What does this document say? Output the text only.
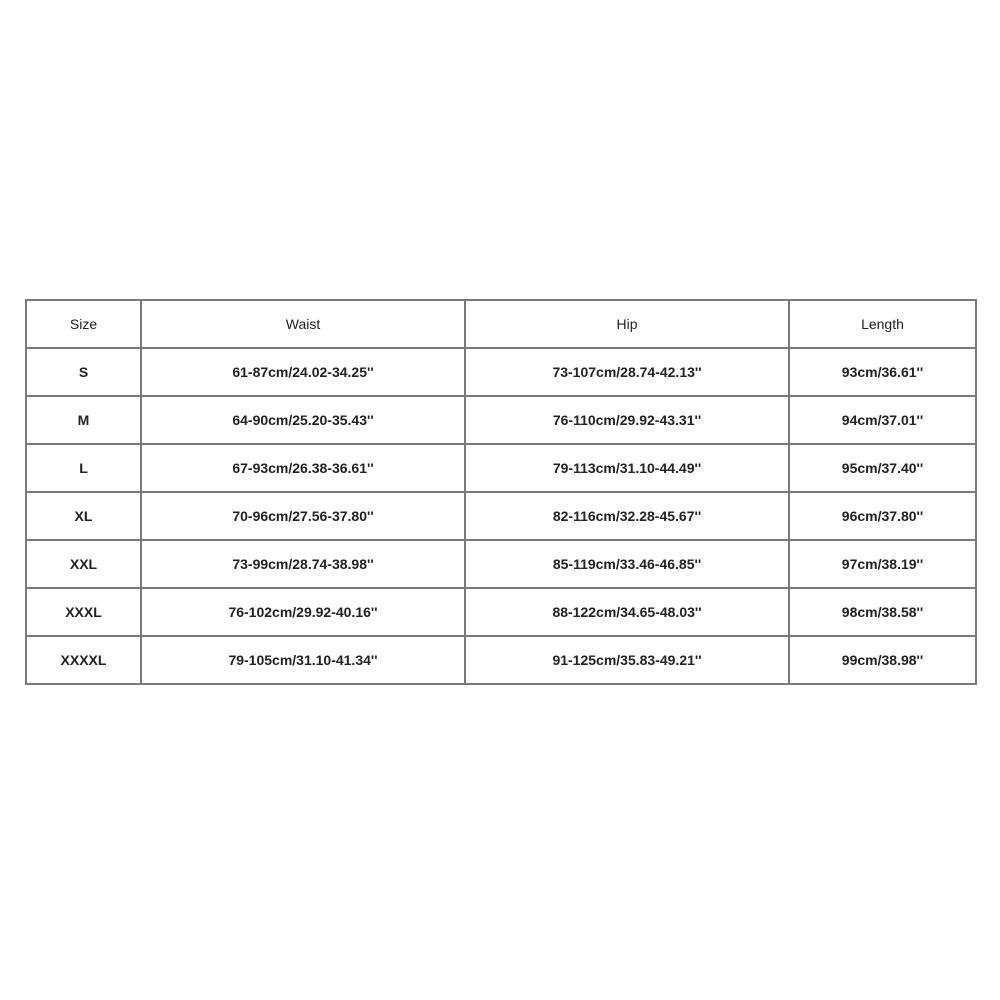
Size	Waist	Hip	Length
S	61-87cm/24.02-34.25''	73-107cm/28.74-42.13''	93cm/36.61''
M	64-90cm/25.20-35.43''	76-110cm/29.92-43.31''	94cm/37.01''
L	67-93cm/26.38-36.61''	79-113cm/31.10-44.49''	95cm/37.40''
XL	70-96cm/27.56-37.80''	82-116cm/32.28-45.67''	96cm/37.80''
XXL	73-99cm/28.74-38.98''	85-119cm/33.46-46.85''	97cm/38.19''
XXXL	76-102cm/29.92-40.16''	88-122cm/34.65-48.03''	98cm/38.58''
XXXXL	79-105cm/31.10-41.34''	91-125cm/35.83-49.21''	99cm/38.98''
